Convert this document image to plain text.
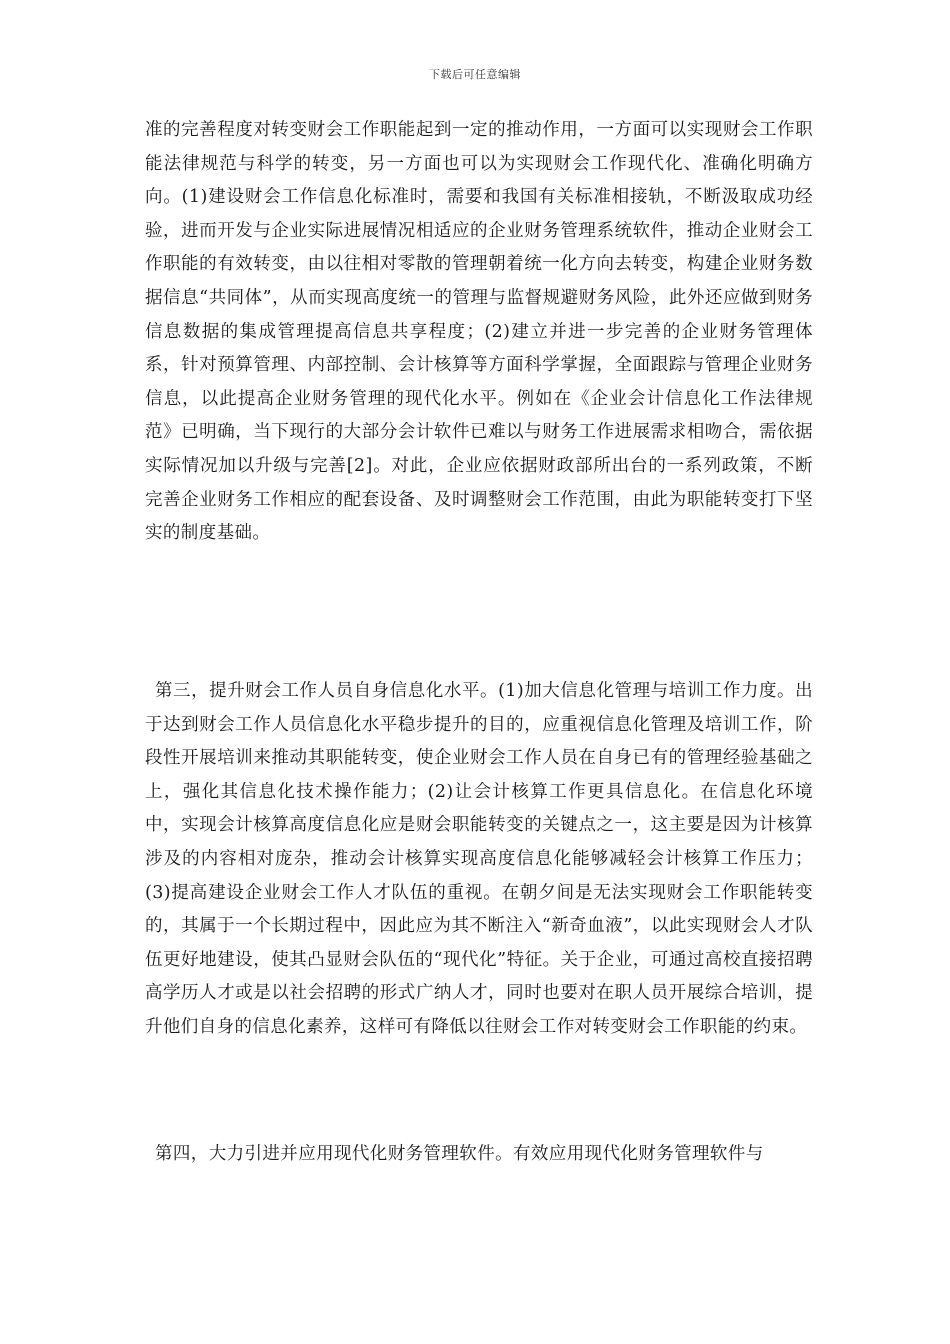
下载后可任意编辑

准的完善程度对转变财会工作职能起到一定的推动作用，一方面可以实现财会工作职能法律规范与科学的转变，另一方面也可以为实现财会工作现代化、准确化明确方向。(1)建设财会工作信息化标准时，需要和我国有关标准相接轨，不断汲取成功经验，进而开发与企业实际进展情况相适应的企业财务管理系统软件，推动企业财会工作职能的有效转变，由以往相对零散的管理朝着统一化方向去转变，构建企业财务数据信息“共同体”，从而实现高度统一的管理与监督规避财务风险，此外还应做到财务信息数据的集成管理提高信息共享程度；(2)建立并进一步完善的企业财务管理体系，针对预算管理、内部控制、会计核算等方面科学掌握，全面跟踪与管理企业财务信息，以此提高企业财务管理的现代化水平。例如在《企业会计信息化工作法律规范》已明确，当下现行的大部分会计软件已难以与财务工作进展需求相吻合，需依据实际情况加以升级与完善[2]。对此，企业应依据财政部所出台的一系列政策，不断完善企业财务工作相应的配套设备、及时调整财会工作范围，由此为职能转变打下坚实的制度基础。

第三，提升财会工作人员自身信息化水平。(1)加大信息化管理与培训工作力度。出于达到财会工作人员信息化水平稳步提升的目的，应重视信息化管理及培训工作，阶段性开展培训来推动其职能转变，使企业财会工作人员在自身已有的管理经验基础之上，强化其信息化技术操作能力；(2)让会计核算工作更具信息化。在信息化环境中，实现会计核算高度信息化应是财会职能转变的关键点之一，这主要是因为计核算涉及的内容相对庞杂，推动会计核算实现高度信息化能够减轻会计核算工作压力；(3)提高建设企业财会工作人才队伍的重视。在朝夕间是无法实现财会工作职能转变的，其属于一个长期过程中，因此应为其不断注入“新奇血液”，以此实现财会人才队伍更好地建设，使其凸显财会队伍的“现代化”特征。关于企业，可通过高校直接招聘高学历人才或是以社会招聘的形式广纳人才，同时也要对在职人员开展综合培训，提升他们自身的信息化素养，这样可有降低以往财会工作对转变财会工作职能的约束。

第四，大力引进并应用现代化财务管理软件。有效应用现代化财务管理软件与
